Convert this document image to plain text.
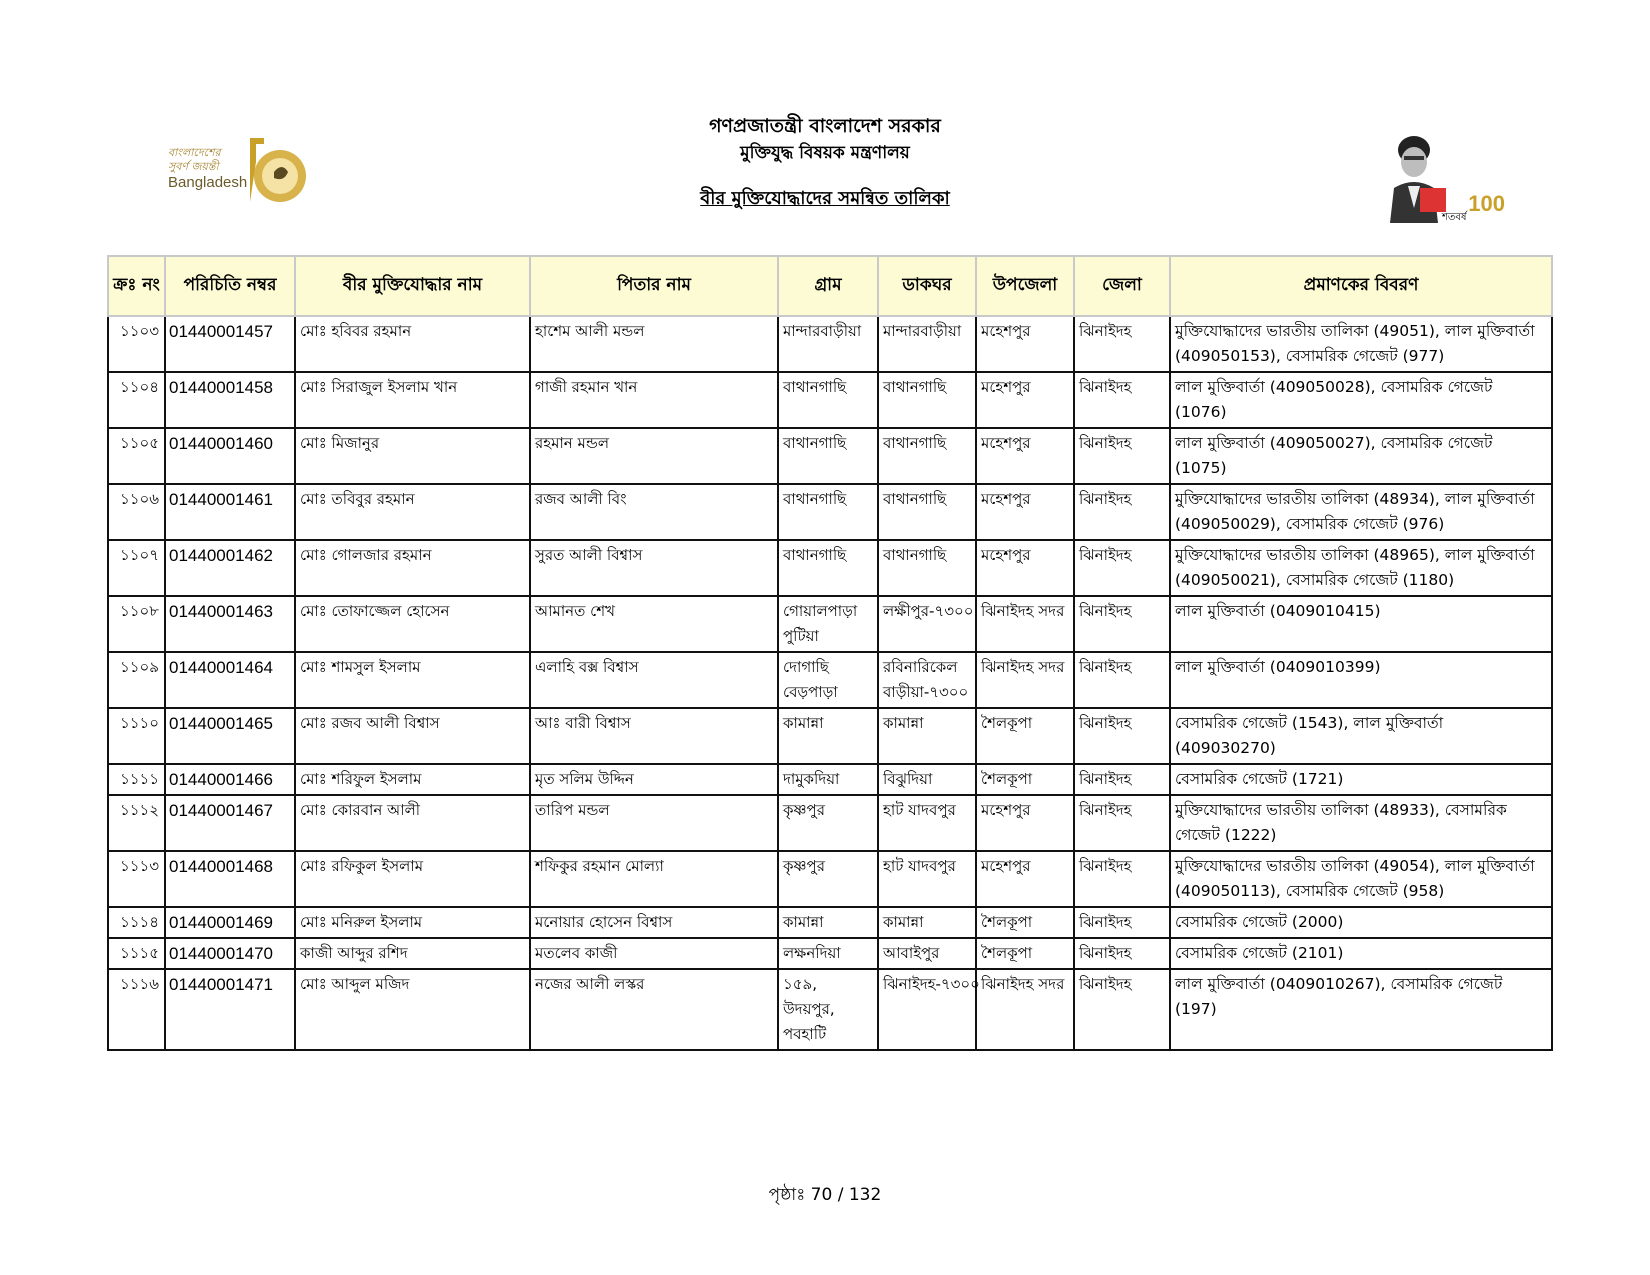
বাংলাদেশের
সুবর্ণ জয়ন্তী
Bangladesh
100
শতবর্ষ
গণপ্রজাতন্ত্রী বাংলাদেশ সরকার
মুক্তিযুদ্ধ বিষয়ক মন্ত্রণালয়
বীর মুক্তিযোদ্ধাদের সমন্বিত তালিকা
ক্রঃ নং	পরিচিতি নম্বর	বীর মুক্তিযোদ্ধার নাম	পিতার নাম	গ্রাম	ডাকঘর	উপজেলা	জেলা	প্রমাণকের বিবরণ
১১০৩	01440001457	মোঃ হবিবর রহমান	হাশেম আলী মন্ডল	মান্দারবাড়ীয়া	মান্দারবাড়ীয়া	মহেশপুর	ঝিনাইদহ	মুক্তিযোদ্ধাদের ভারতীয় তালিকা (49051), লাল মুক্তিবার্তা (409050153), বেসামরিক গেজেট (977)
১১০৪	01440001458	মোঃ সিরাজুল ইসলাম খান	গাজী রহমান খান	বাথানগাছি	বাথানগাছি	মহেশপুর	ঝিনাইদহ	লাল মুক্তিবার্তা (409050028), বেসামরিক গেজেট (1076)
১১০৫	01440001460	মোঃ মিজানুর	রহমান মন্ডল	বাথানগাছি	বাথানগাছি	মহেশপুর	ঝিনাইদহ	লাল মুক্তিবার্তা (409050027), বেসামরিক গেজেট (1075)
১১০৬	01440001461	মোঃ তবিবুর রহমান	রজব আলী বিং	বাথানগাছি	বাথানগাছি	মহেশপুর	ঝিনাইদহ	মুক্তিযোদ্ধাদের ভারতীয় তালিকা (48934), লাল মুক্তিবার্তা (409050029), বেসামরিক গেজেট (976)
১১০৭	01440001462	মোঃ গোলজার রহমান	সুরত আলী বিশ্বাস	বাথানগাছি	বাথানগাছি	মহেশপুর	ঝিনাইদহ	মুক্তিযোদ্ধাদের ভারতীয় তালিকা (48965), লাল মুক্তিবার্তা (409050021), বেসামরিক গেজেট (1180)
১১০৮	01440001463	মোঃ তোফাজ্জেল হোসেন	আমানত শেখ	গোয়ালপাড়া পুটিয়া	লক্ষীপুর-৭৩০০	ঝিনাইদহ সদর	ঝিনাইদহ	লাল মুক্তিবার্তা (0409010415)
১১০৯	01440001464	মোঃ শামসুল ইসলাম	এলাহি বক্স বিশ্বাস	দোগাছি বেড়পাড়া	রবিনারিকেল বাড়ীয়া-৭৩০০	ঝিনাইদহ সদর	ঝিনাইদহ	লাল মুক্তিবার্তা (0409010399)
১১১০	01440001465	মোঃ রজব আলী বিশ্বাস	আঃ বারী বিশ্বাস	কামান্না	কামান্না	শৈলকূপা	ঝিনাইদহ	বেসামরিক গেজেট (1543), লাল মুক্তিবার্তা (409030270)
১১১১	01440001466	মোঃ শরিফুল ইসলাম	মৃত সলিম উদ্দিন	দামুকদিয়া	বিঝুদিয়া	শৈলকূপা	ঝিনাইদহ	বেসামরিক গেজেট (1721)
১১১২	01440001467	মোঃ কোরবান আলী	তারিপ মন্ডল	কৃষ্ণপুর	হাট যাদবপুর	মহেশপুর	ঝিনাইদহ	মুক্তিযোদ্ধাদের ভারতীয় তালিকা (48933), বেসামরিক গেজেট (1222)
১১১৩	01440001468	মোঃ রফিকুল ইসলাম	শফিকুর রহমান মোল্যা	কৃষ্ণপুর	হাট যাদবপুর	মহেশপুর	ঝিনাইদহ	মুক্তিযোদ্ধাদের ভারতীয় তালিকা (49054), লাল মুক্তিবার্তা (409050113), বেসামরিক গেজেট (958)
১১১৪	01440001469	মোঃ মনিরুল ইসলাম	মনোয়ার হোসেন বিশ্বাস	কামান্না	কামান্না	শৈলকূপা	ঝিনাইদহ	বেসামরিক গেজেট (2000)
১১১৫	01440001470	কাজী আব্দুর রশিদ	মতলেব কাজী	লক্ষনদিয়া	আবাইপুর	শৈলকূপা	ঝিনাইদহ	বেসামরিক গেজেট (2101)
১১১৬	01440001471	মোঃ আব্দুল মজিদ	নজের আলী লস্কর	১৫৯, উদয়পুর, পবহাটি	ঝিনাইদহ-৭৩০০	ঝিনাইদহ সদর	ঝিনাইদহ	লাল মুক্তিবার্তা (0409010267), বেসামরিক গেজেট (197)
পৃষ্ঠাঃ 70 / 132
